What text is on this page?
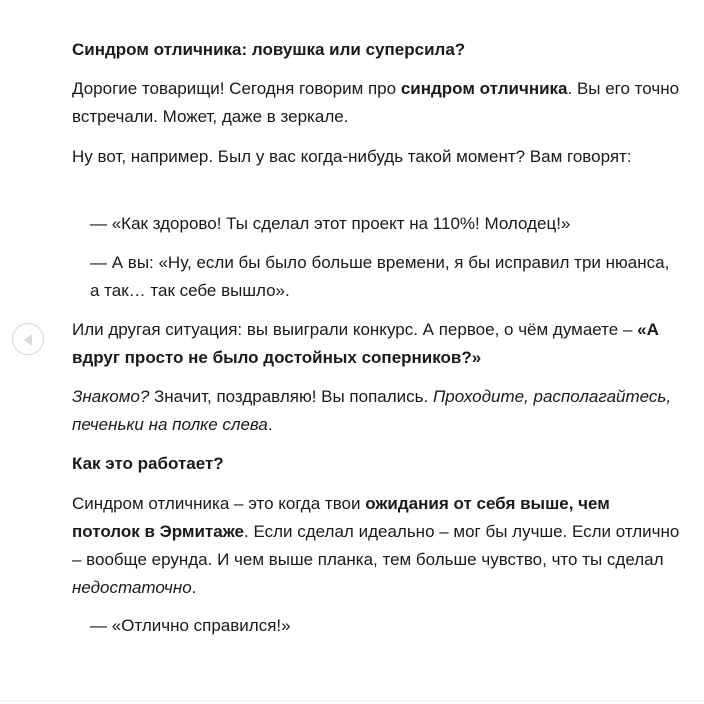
Синдром отличника: ловушка или суперсила?

Дорогие товарищи! Сегодня говорим про синдром отличника. Вы его точно встречали. Может, даже в зеркале.

Ну вот, например. Был у вас когда-нибудь такой момент? Вам говорят:

— «Как здорово! Ты сделал этот проект на 110%! Молодец!»

— А вы: «Ну, если бы было больше времени, я бы исправил три нюанса, а так… так себе вышло».

Или другая ситуация: вы выиграли конкурс. А первое, о чём думаете – «А вдруг просто не было достойных соперников?»

Знакомо? Значит, поздравляю! Вы попались. Проходите, располагайтесь, печеньки на полке слева.

Как это работает?

Синдром отличника – это когда твои ожидания от себя выше, чем потолок в Эрмитаже. Если сделал идеально – мог бы лучше. Если отлично – вообще ерунда. И чем выше планка, тем больше чувство, что ты сделал недостаточно.

— «Отлично справился!»
